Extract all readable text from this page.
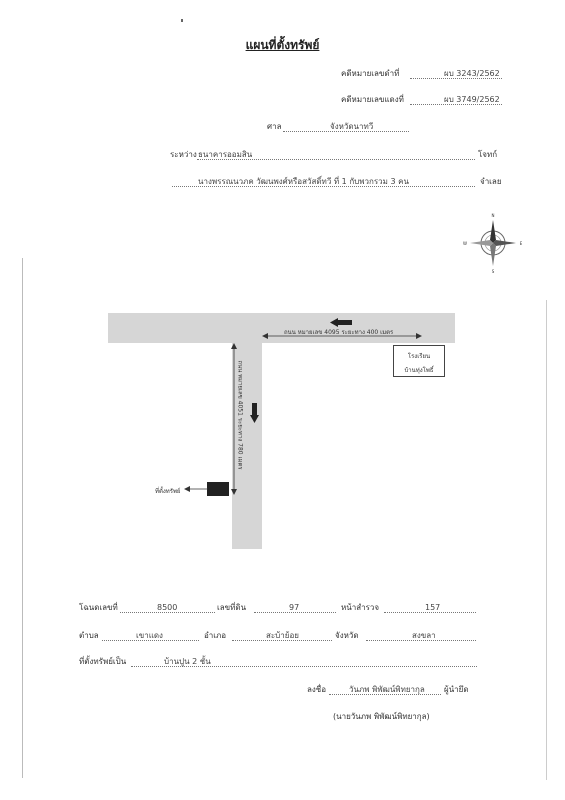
แผนที่ตั้งทรัพย์
คดีหมายเลขดำที่	ผบ 3243/2562
คดีหมายเลขแดงที่	ผบ 3749/2562
ศาล	จังหวัดนาทวี
ระหว่าง ธนาคารออมสิน	โจทก์
นางพรรณนวภค วัฒนพงศ์หรือสวัสดิ์ทวี ที่ 1 กับพวกรวม 3 คน	จำเลย
N
S
E
W
ถนน หมายเลข 4095 ระยะทาง 400 เมตร
ถนน หมายเลข 4051 ระยะทาง 780 เมตร
โรงเรียน
บ้านทุ่งโพธิ์
ที่ตั้งทรัพย์
โฉนดเลขที่	8500	เลขที่ดิน	97	หน้าสำรวจ	157
ตำบล	เขาแดง	อำเภอ	สะบ้าย้อย	จังหวัด	สงขลา
ที่ตั้งทรัพย์เป็น	บ้านปูน 2 ชั้น
ลงชื่อ	วันภพ พิพัฒน์พิทยากุล ผู้นำยึด
(นายวันภพ พิพัฒน์พิทยากุล)
